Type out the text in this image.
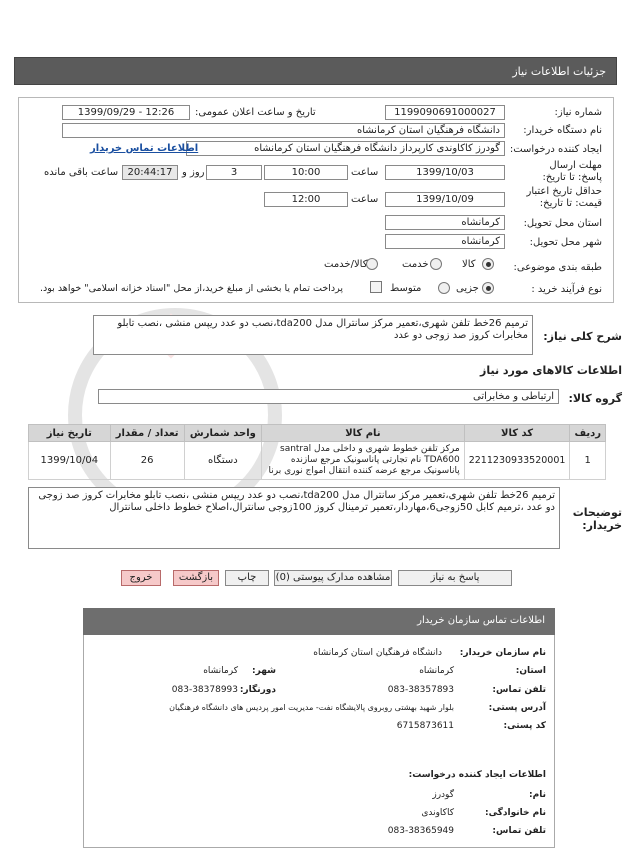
جزئیات اطلاعات نیاز
شماره نیاز:
1199090691000027
تاریخ و ساعت اعلان عمومی:
1399/09/29 - 12:26
نام دستگاه خریدار:
دانشگاه فرهنگیان استان کرمانشاه
ایجاد کننده درخواست:
گودرز کاکاوندی کارپرداز دانشگاه فرهنگیان استان کرمانشاه
اطلاعات تماس خریدار
مهلت ارسال پاسخ: تا تاریخ:
1399/10/03
ساعت
10:00
3
روز و
20:44:17
ساعت باقی مانده
حداقل تاریخ اعتبار قیمت: تا تاریخ:
1399/10/09
ساعت
12:00
استان محل تحویل:
کرمانشاه
شهر محل تحویل:
کرمانشاه
طبقه بندی موضوعی:
کالا
خدمت
کالا/خدمت
نوع فرآیند خرید :
جزیی
متوسط
پرداخت تمام یا بخشی از مبلغ خرید،از محل "اسناد خزانه اسلامی" خواهد بود.
شرح کلی نیاز:
ترمیم 26خط تلفن شهری،تعمیر مرکز سانترال مدل tda200،نصب دو عدد ریپس منشی ،نصب تابلو مخابرات کروز صد زوجی دو عدد
اطلاعات کالاهای مورد نیاز
گروه کالا:
ارتباطی و مخابراتی
ردیف	کد کالا	نام کالا	واحد شمارش	تعداد / مقدار	تاریخ نیاز
1	2211230933520001	مرکز تلفن خطوط شهری و داخلی مدل santral TDA600 نام تجارتی پاناسونیک مرجع سازنده پاناسونیک مرجع عرضه کننده انتقال امواج نوری برنا	دستگاه	26	1399/10/04
توضیحات خریدار:
ترمیم 26خط تلفن شهری،تعمیر مرکز سانترال مدل tda200،نصب دو عدد ریپس منشی ،نصب تابلو مخابرات کروز صد زوجی دو عدد ،ترمیم کابل 50زوجی6،مهاردار،تعمیر ترمینال کروز 100زوجی سانترال،اصلاح خطوط داخلی سانترال
پاسخ به نیاز
مشاهده مدارک پیوستی (0)
چاپ
بازگشت
خروج
اطلاعات تماس سازمان خریدار
نام سازمان خریدار:
دانشگاه فرهنگیان استان کرمانشاه
استان:
کرمانشاه
شهر:
کرمانشاه
تلفن تماس:
083-38357893
دورنگار:
083-38378993
آدرس پستی:
بلوار شهید بهشتی روبروی پالایشگاه نفت- مدیریت امور پردیس های دانشگاه فرهنگیان
کد پستی:
6715873611
اطلاعات ایجاد کننده درخواست:
نام:
گودرز
نام خانوادگی:
کاکاوندی
تلفن تماس:
083-38365949
